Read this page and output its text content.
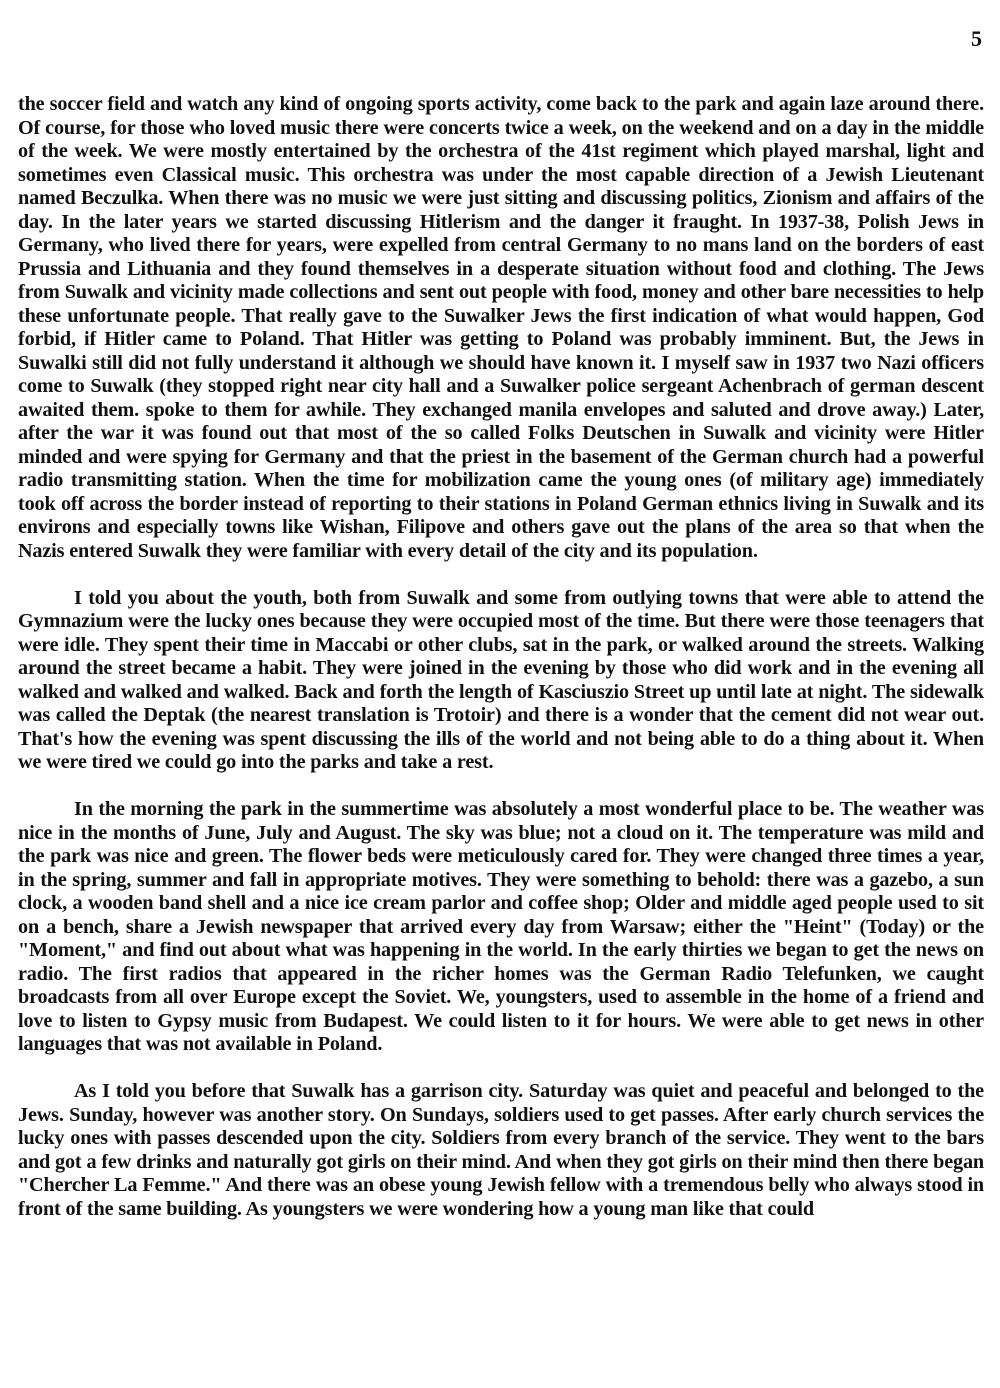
5

the soccer field and watch any kind of ongoing sports activity, come back to the park and again laze around there. Of course, for those who loved music there were concerts twice a week, on the weekend and on a day in the middle of the week. We were mostly entertained by the orchestra of the 41st regiment which played marshal, light and sometimes even Classical music. This orchestra was under the most capable direction of a Jewish Lieutenant named Beczulka. When there was no music we were just sitting and discussing politics, Zionism and affairs of the day. In the later years we started discussing Hitlerism and the danger it fraught. In 1937-38, Polish Jews in Germany, who lived there for years, were expelled from central Germany to no mans land on the borders of east Prussia and Lithuania and they found themselves in a desperate situation without food and clothing. The Jews from Suwalk and vicinity made collections and sent out people with food, money and other bare necessities to help these unfortunate people. That really gave to the Suwalker Jews the first indication of what would happen, God forbid, if Hitler came to Poland. That Hitler was getting to Poland was probably imminent. But, the Jews in Suwalki still did not fully understand it although we should have known it. I myself saw in 1937 two Nazi officers come to Suwalk (they stopped right near city hall and a Suwalker police sergeant Achenbrach of german descent awaited them. spoke to them for awhile. They exchanged manila envelopes and saluted and drove away.) Later, after the war it was found out that most of the so called Folks Deutschen in Suwalk and vicinity were Hitler minded and were spying for Germany and that the priest in the basement of the German church had a powerful radio transmitting station. When the time for mobilization came the young ones (of military age) immediately took off across the border instead of reporting to their stations in Poland German ethnics living in Suwalk and its environs and especially towns like Wishan, Filipove and others gave out the plans of the area so that when the Nazis entered Suwalk they were familiar with every detail of the city and its population.

I told you about the youth, both from Suwalk and some from outlying towns that were able to attend the Gymnazium were the lucky ones because they were occupied most of the time. But there were those teenagers that were idle. They spent their time in Maccabi or other clubs, sat in the park, or walked around the streets. Walking around the street became a habit. They were joined in the evening by those who did work and in the evening all walked and walked and walked. Back and forth the length of Kasciuszio Street up until late at night. The sidewalk was called the Deptak (the nearest translation is Trotoir) and there is a wonder that the cement did not wear out. That's how the evening was spent discussing the ills of the world and not being able to do a thing about it. When we were tired we could go into the parks and take a rest.

In the morning the park in the summertime was absolutely a most wonderful place to be. The weather was nice in the months of June, July and August. The sky was blue; not a cloud on it. The temperature was mild and the park was nice and green. The flower beds were meticulously cared for. They were changed three times a year, in the spring, summer and fall in appropriate motives. They were something to behold: there was a gazebo, a sun clock, a wooden band shell and a nice ice cream parlor and coffee shop; Older and middle aged people used to sit on a bench, share a Jewish newspaper that arrived every day from Warsaw; either the "Heint" (Today) or the "Moment," and find out about what was happening in the world. In the early thirties we began to get the news on radio. The first radios that appeared in the richer homes was the German Radio Telefunken, we caught broadcasts from all over Europe except the Soviet. We, youngsters, used to assemble in the home of a friend and love to listen to Gypsy music from Budapest. We could listen to it for hours. We were able to get news in other languages that was not available in Poland.

As I told you before that Suwalk has a garrison city. Saturday was quiet and peaceful and belonged to the Jews. Sunday, however was another story. On Sundays, soldiers used to get passes. After early church services the lucky ones with passes descended upon the city. Soldiers from every branch of the service. They went to the bars and got a few drinks and naturally got girls on their mind. And when they got girls on their mind then there began "Chercher La Femme." And there was an obese young Jewish fellow with a tremendous belly who always stood in front of the same building. As youngsters we were wondering how a young man like that could
